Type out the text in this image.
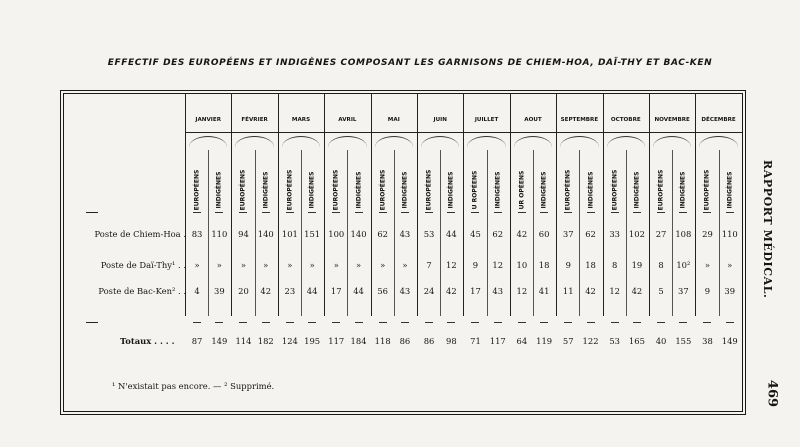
EFFECTIF DES EUROPÉENS ET INDIGÈNES COMPOSANT LES GARNISONS DE CHIEM-HOA, DAÏ-THY ET BAC-KEN
JANVIER
EUROPÉENS
83
»
4
87
INDIGÈNES
110
»
39
149
FÉVRIER
EUROPÉENS
94
»
20
114
INDIGÈNES
140
»
42
182
MARS
EUROPÉENS
101
»
23
124
INDIGÈNES
151
»
44
195
AVRIL
EUROPÉENS
100
»
17
117
INDIGÈNES
140
»
44
184
MAI
EUROPÉENS
62
»
56
118
INDIGÈNES
43
»
43
86
JUIN
EUROPÉENS
53
7
24
86
INDIGÈNES
44
12
42
98
JUILLET
U ROPÉENS
45
9
17
71
INDIGÈNES
62
12
43
117
AOUT
UR OPÉENS
42
10
12
64
INDIGÈNES
60
18
41
119
SEPTEMBRE
EUROPÉENS
37
9
11
57
INDIGÈNES
62
18
42
122
OCTOBRE
EUROPÉENS
33
8
12
53
INDIGÈNES
102
19
42
165
NOVEMBRE
EUROPÉENS
27
8
5
40
INDIGÈNES
108
10²
37
155
DÉCEMBRE
EUROPÉENS
29
»
9
38
INDIGÈNES
110
»
39
149
Poste de Chiem-Hoa .
Poste de Daï-Thy¹ . .
Poste de Bac-Ken² . .
Totaux . . . .
¹ N'existait pas encore. — ² Supprimé.
RAPPORT MÉDICAL.
469
